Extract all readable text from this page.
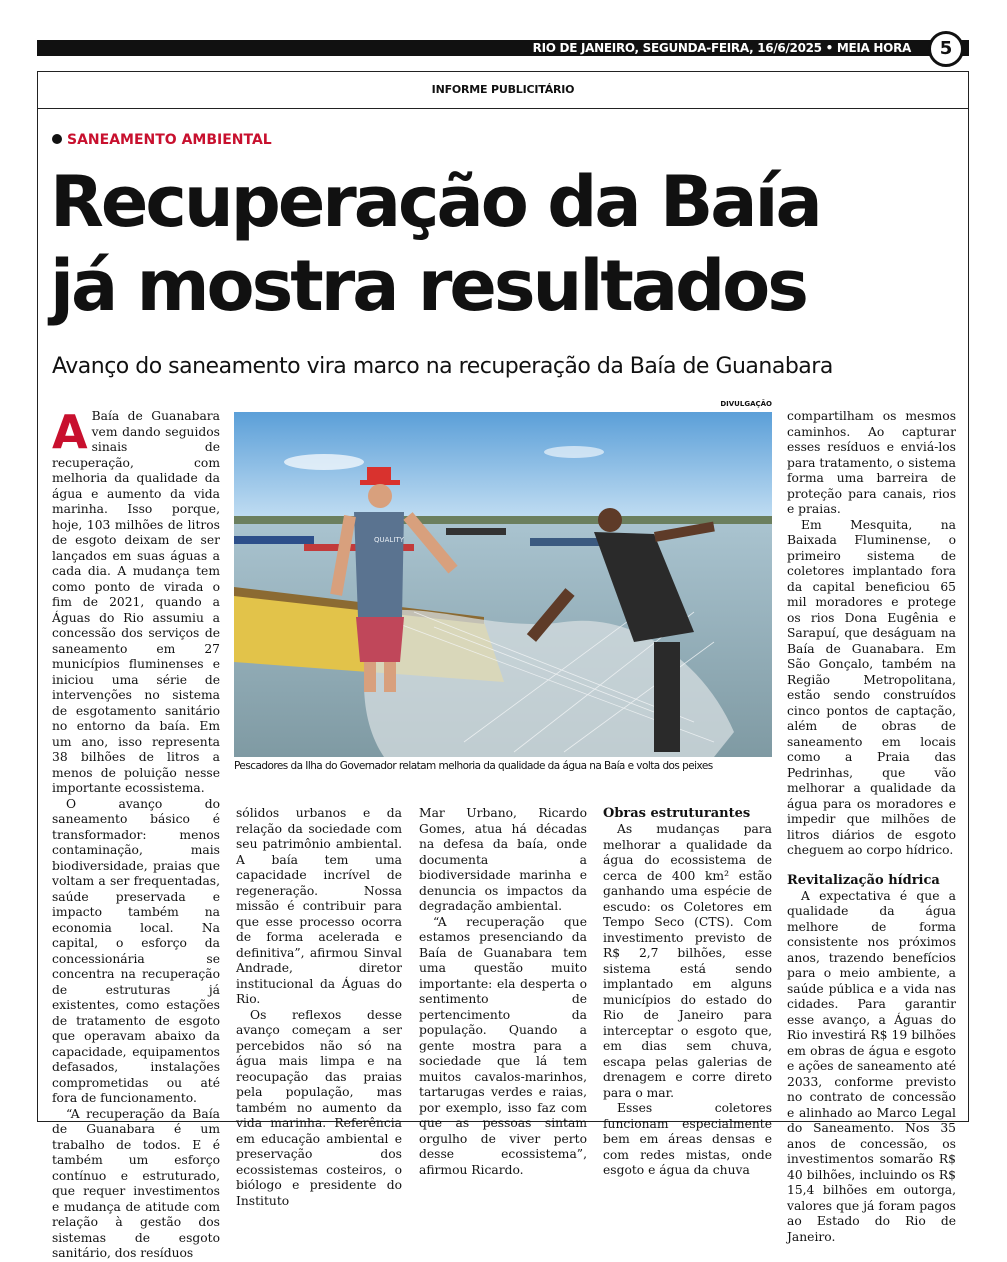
RIO DE JANEIRO, SEGUNDA-FEIRA, 16/6/2025 • MEIA HORA	5
INFORME PUBLICITÁRIO
SANEAMENTO AMBIENTAL
Recuperação da Baía
já mostra resultados
Avanço do saneamento vira marco na recuperação da Baía de Guanabara

A Baía de Guanabara vem dando seguidos sinais de recuperação, com melhoria da qualidade da água e aumento da vida marinha. Isso porque, hoje, 103 milhões de litros de esgoto deixam de ser lançados em suas águas a cada dia. A mudança tem como ponto de virada o fim de 2021, quando a Águas do Rio assumiu a concessão dos serviços de saneamento em 27 municípios fluminenses e iniciou uma série de intervenções no sistema de esgotamento sanitário no entorno da baía. Em um ano, isso representa 38 bilhões de litros a menos de poluição nesse importante ecossistema.

O avanço do saneamento básico é transformador: menos contaminação, mais biodiversidade, praias que voltam a ser frequentadas, saúde preservada e impacto também na economia local. Na capital, o esforço da concessionária se concentra na recuperação de estruturas já existentes, como estações de tratamento de esgoto que operavam abaixo da capacidade, equipamentos defasados, instalações comprometidas ou até fora de funcionamento.

“A recuperação da Baía de Guanabara é um trabalho de todos. E é também um esforço contínuo e estruturado, que requer investimentos e mudança de atitude com relação à gestão dos sistemas de esgoto sanitário, dos resíduos

DIVULGAÇÃO
QUALITY
Pescadores da Ilha do Governador relatam melhoria da qualidade da água na Baía e volta dos peixes

sólidos urbanos e da relação da sociedade com seu patrimônio ambiental. A baía tem uma capacidade incrível de regeneração. Nossa missão é contribuir para que esse processo ocorra de forma acelerada e definitiva”, afirmou Sinval Andrade, diretor institucional da Águas do Rio.

Os reflexos desse avanço começam a ser percebidos não só na água mais limpa e na reocupação das praias pela população, mas também no aumento da vida marinha. Referência em educação ambiental e preservação dos ecossistemas costeiros, o biólogo e presidente do Instituto

Mar Urbano, Ricardo Gomes, atua há décadas na defesa da baía, onde documenta a biodiversidade marinha e denuncia os impactos da degradação ambiental.

“A recuperação que estamos presenciando da Baía de Guanabara tem uma questão muito importante: ela desperta o sentimento de pertencimento da população. Quando a gente mostra para a sociedade que lá tem muitos cavalos-marinhos, tartarugas verdes e raias, por exemplo, isso faz com que as pessoas sintam orgulho de viver perto desse ecossistema”, afirmou Ricardo.

Obras estruturantes

As mudanças para melhorar a qualidade da água do ecossistema de cerca de 400 km² estão ganhando uma espécie de escudo: os Coletores em Tempo Seco (CTS). Com investimento previsto de R$ 2,7 bilhões, esse sistema está sendo implantado em alguns municípios do estado do Rio de Janeiro para interceptar o esgoto que, em dias sem chuva, escapa pelas galerias de drenagem e corre direto para o mar.

Esses coletores funcionam especialmente bem em áreas densas e com redes mistas, onde esgoto e água da chuva

compartilham os mesmos caminhos. Ao capturar esses resíduos e enviá-los para tratamento, o sistema forma uma barreira de proteção para canais, rios e praias.

Em Mesquita, na Baixada Fluminense, o primeiro sistema de coletores implantado fora da capital beneficiou 65 mil moradores e protege os rios Dona Eugênia e Sarapuí, que deságuam na Baía de Guanabara. Em São Gonçalo, também na Região Metropolitana, estão sendo construídos cinco pontos de captação, além de obras de saneamento em locais como a Praia das Pedrinhas, que vão melhorar a qualidade da água para os moradores e impedir que milhões de litros diários de esgoto cheguem ao corpo hídrico.

Revitalização hídrica

A expectativa é que a qualidade da água melhore de forma consistente nos próximos anos, trazendo benefícios para o meio ambiente, a saúde pública e a vida nas cidades. Para garantir esse avanço, a Águas do Rio investirá R$ 19 bilhões em obras de água e esgoto e ações de saneamento até 2033, conforme previsto no contrato de concessão e alinhado ao Marco Legal do Saneamento. Nos 35 anos de concessão, os investimentos somarão R$ 40 bilhões, incluindo os R$ 15,4 bilhões em outorga, valores que já foram pagos ao Estado do Rio de Janeiro.
